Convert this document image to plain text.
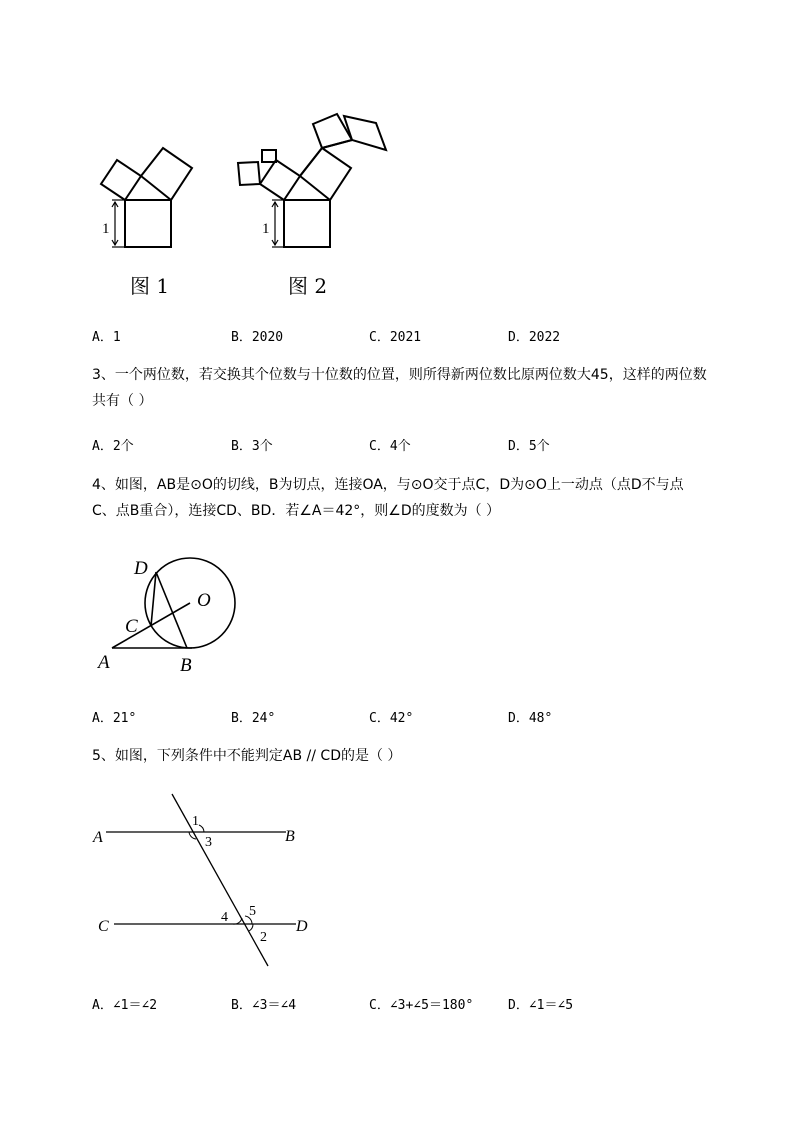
1	1
图 1	图 2
A．1	B．2020	C．2021	D．2022
3、一个两位数，若交换其个位数与十位数的位置，则所得新两位数比原两位数大45，这样的两位数
共有（ ）
A．2个	B．3个	C．4个	D．5个
4、如图，AB是⊙O的切线，B为切点，连接OA，与⊙O交于点C，D为⊙O上一动点（点D不与点
C、点B重合），连接CD、BD．若∠A＝42°，则∠D的度数为（ ）
D
O
C
A	B
A．21°	B．24°	C．42°	D．48°
5、如图，下列条件中不能判定AB // CD的是（ ）
A	B
C	D
1
3
4 5
2
A．∠1＝∠2	B．∠3＝∠4	C．∠3+∠5＝180°	D．∠1＝∠5
